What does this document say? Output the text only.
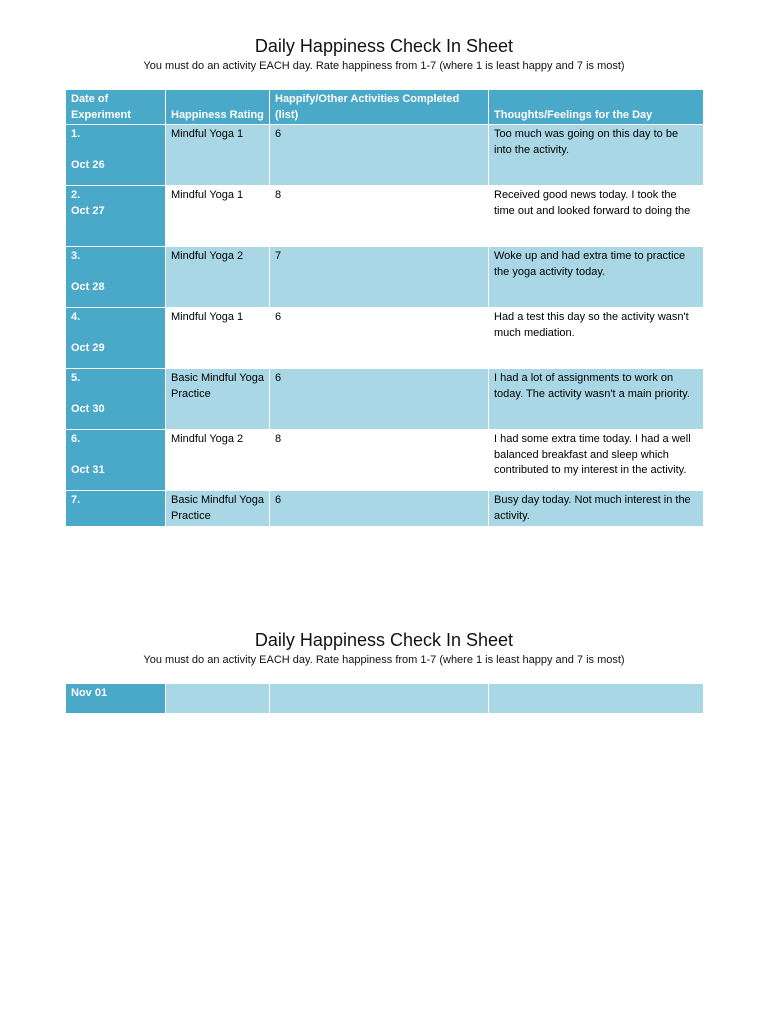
Daily Happiness Check In Sheet
You must do an activity EACH day. Rate happiness from 1-7 (where 1 is least happy and 7 is most)
Date of Experiment	Happiness Rating	Happify/Other Activities Completed (list)	Thoughts/Feelings for the Day

1.
Oct 26	Mindful Yoga 1	6	Too much was going on this day to be into the activity.

2.
Oct 27	Mindful Yoga 1	8	Received good news today. I took the time out and looked forward to doing the

3.
Oct 28	Mindful Yoga 2	7	Woke up and had extra time to practice the yoga activity today.

4.
Oct 29	Mindful Yoga 1	6	Had a test this day so the activity wasn't much mediation.

5.
Oct 30	Basic Mindful Yoga Practice	6	I had a lot of assignments to work on today. The activity wasn't a main priority.

6.
Oct 31	Mindful Yoga 2	8	I had some extra time today. I had a well balanced breakfast and sleep which contributed to my interest in the activity.

7.	Basic Mindful Yoga Practice	6	Busy day today. Not much interest in the activity.
Daily Happiness Check In Sheet
You must do an activity EACH day. Rate happiness from 1-7 (where 1 is least happy and 7 is most)
Nov 01
